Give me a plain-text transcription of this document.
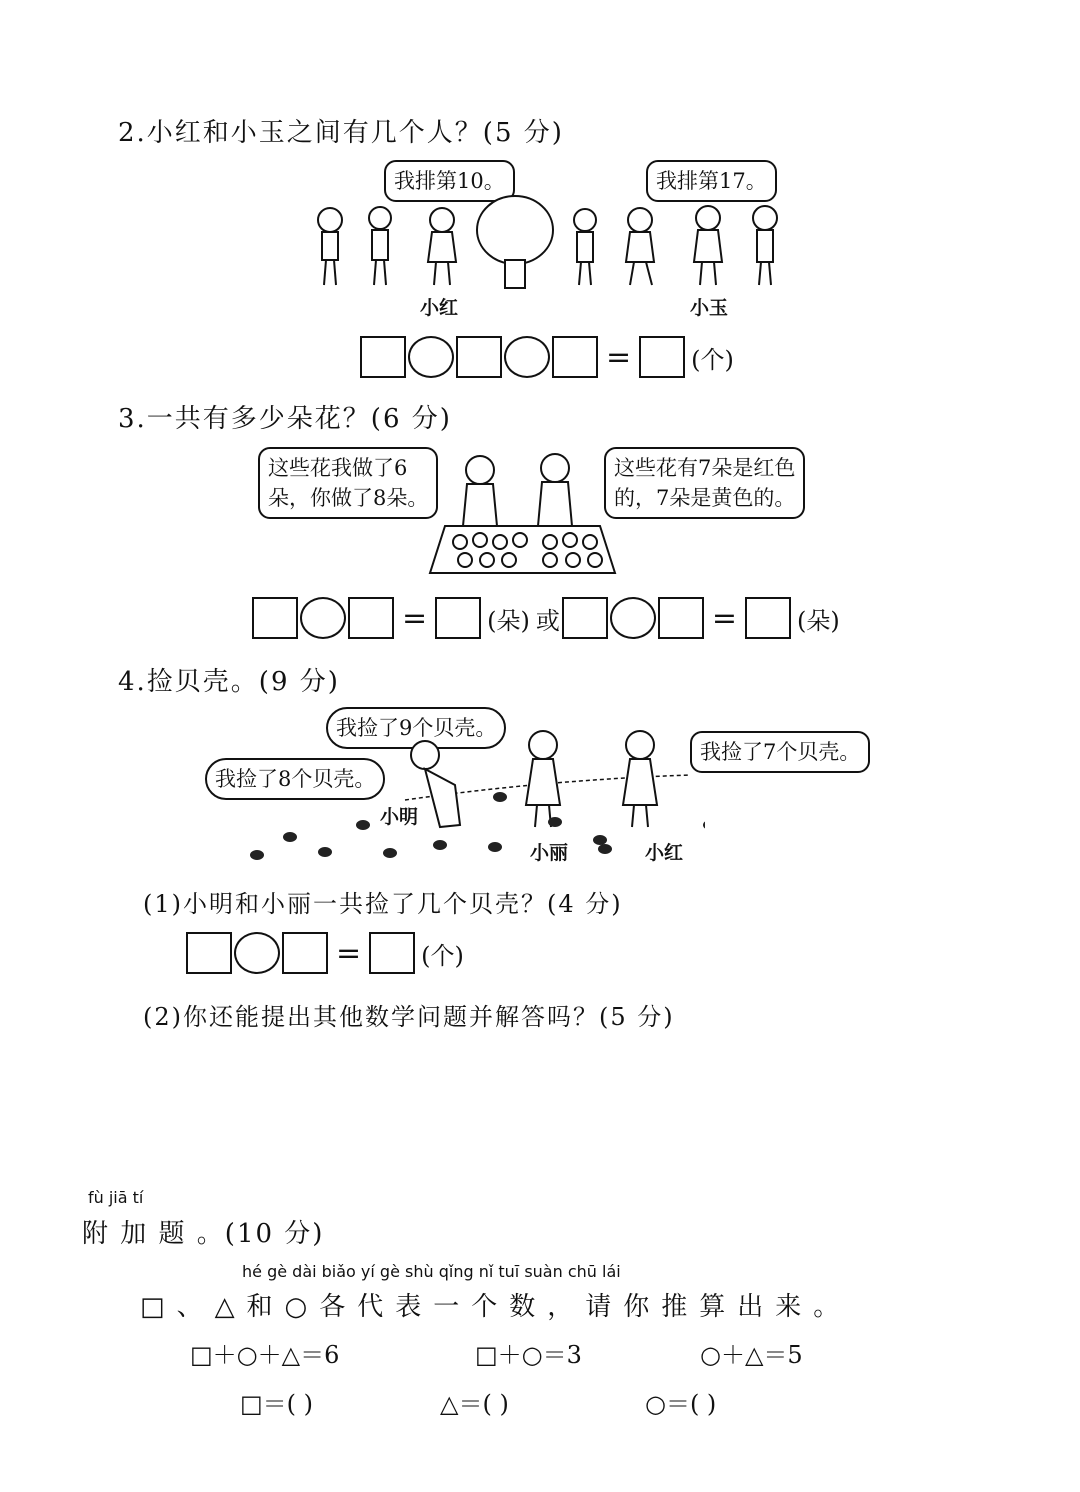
2.小红和小玉之间有几个人？(5 分)
我排第10。	我排第17。
小红	小玉
=	(个)
3.一共有多少朵花？(6 分)
这些花我做了6
朵，你做了8朵。
这些花有7朵是红色
的，7朵是黄色的。
=	(朵) 或	=	(朵)
4.捡贝壳。(9 分)
我捡了9个贝壳。
我捡了8个贝壳。
我捡了7个贝壳。
小明
小丽	小红
(1)小明和小丽一共捡了几个贝壳？(4 分)
=	(个)
(2)你还能提出其他数学问题并解答吗？(5 分)
fù jiā tí
附 加 题 。(10 分)
hé gè dài biǎo yí gè shù qǐng nǐ tuī suàn chū lái
□、△和○各代表一个数，请你推算出来。
□＋○＋△＝6	□＋○＝3	○＋△＝5
□＝( )	△＝( )	○＝( )
